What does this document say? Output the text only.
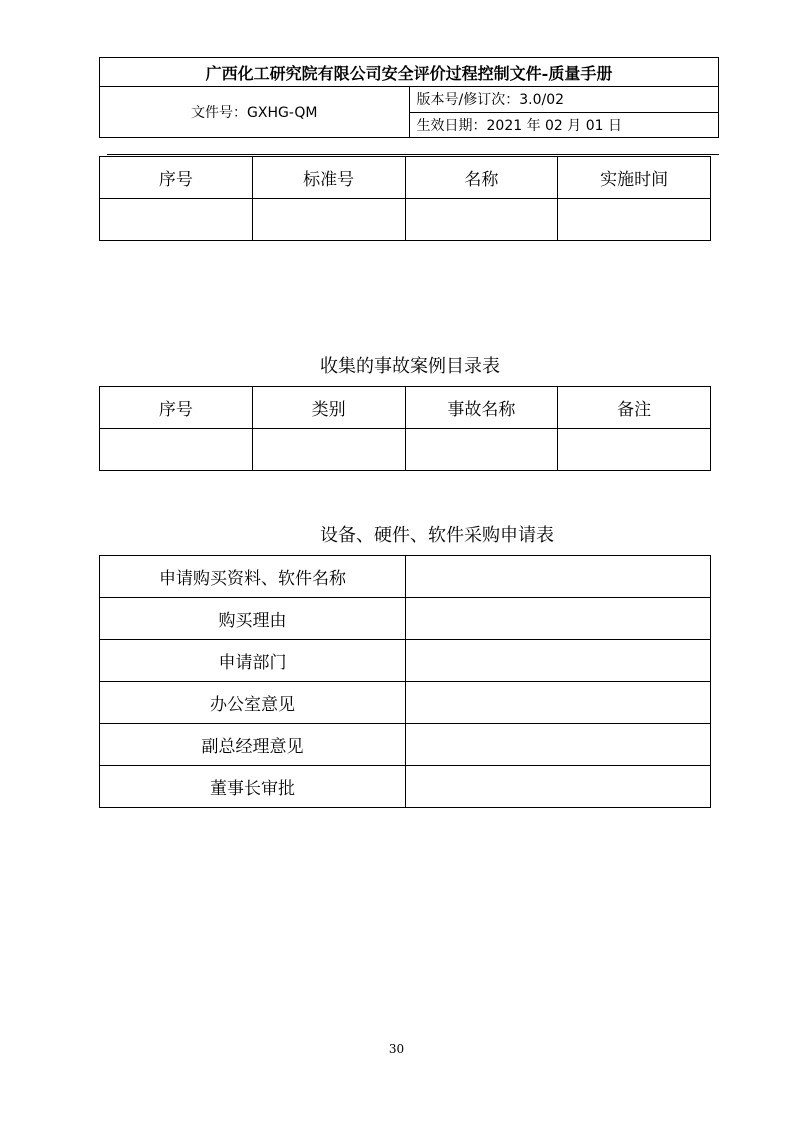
广西化工研究院有限公司安全评价过程控制文件-质量手册
文件号：GXHG-QM	版本号/修订次：3.0/02
生效日期：2021 年 02 月 01 日
序号	标准号	名称	实施时间

收集的事故案例目录表
序号	类别	事故名称	备注

设备、硬件、软件采购申请表
申请购买资料、软件名称	
购买理由	
申请部门	
办公室意见	
副总经理意见	
董事长审批	
30
